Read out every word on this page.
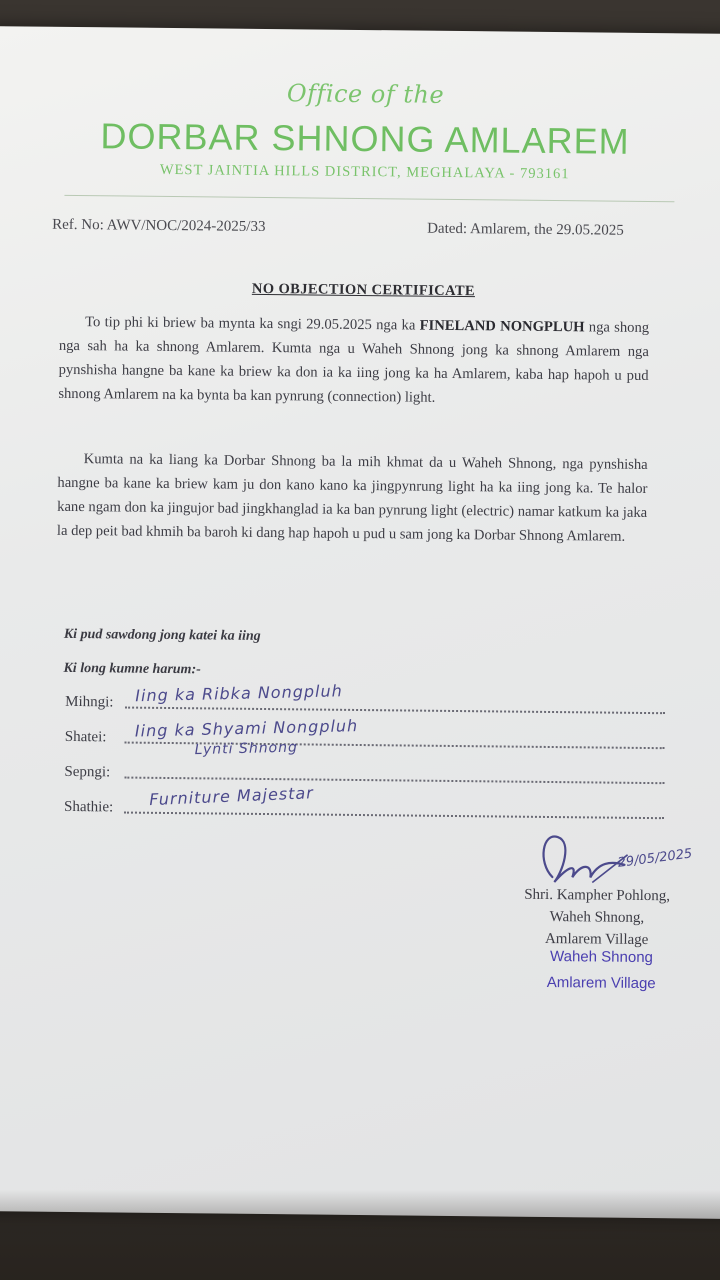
Office of the
DORBAR SHNONG AMLAREM
WEST JAINTIA HILLS DISTRICT, MEGHALAYA - 793161
Ref. No: AWV/NOC/2024-2025/33	Dated: Amlarem, the 29.05.2025
NO OBJECTION CERTIFICATE

To tip phi ki briew ba mynta ka sngi 29.05.2025 nga ka FINELAND NONGPLUH nga shong nga sah ha ka shnong Amlarem. Kumta nga u Waheh Shnong jong ka shnong Amlarem nga pynshisha hangne ba kane ka briew ka don ia ka iing jong ka ha Amlarem, kaba hap hapoh u pud shnong Amlarem na ka bynta ba kan pynrung (connection) light.

Kumta na ka liang ka Dorbar Shnong ba la mih khmat da u Waheh Shnong, nga pynshisha hangne ba kane ka briew kam ju don kano kano ka jingpynrung light ha ka iing jong ka. Te halor kane ngam don ka jingujor bad jingkhanglad ia ka ban pynrung light (electric) namar katkum ka jaka la dep peit bad khmih ba baroh ki dang hap hapoh u pud u sam jong ka Dorbar Shnong Amlarem.

Ki pud sawdong jong katei ka iing
Ki long kumne harum:-
Mihngi: Iing ka Ribka Nongpluh
Shatei: Iing ka Shyami Nongpluh
Lynti Shnong
Sepngi:
Shathie: Furniture Majestar
29/05/2025
Shri. Kampher Pohlong,
Waheh Shnong,
Amlarem Village
Waheh Shnong
Amlarem Village
